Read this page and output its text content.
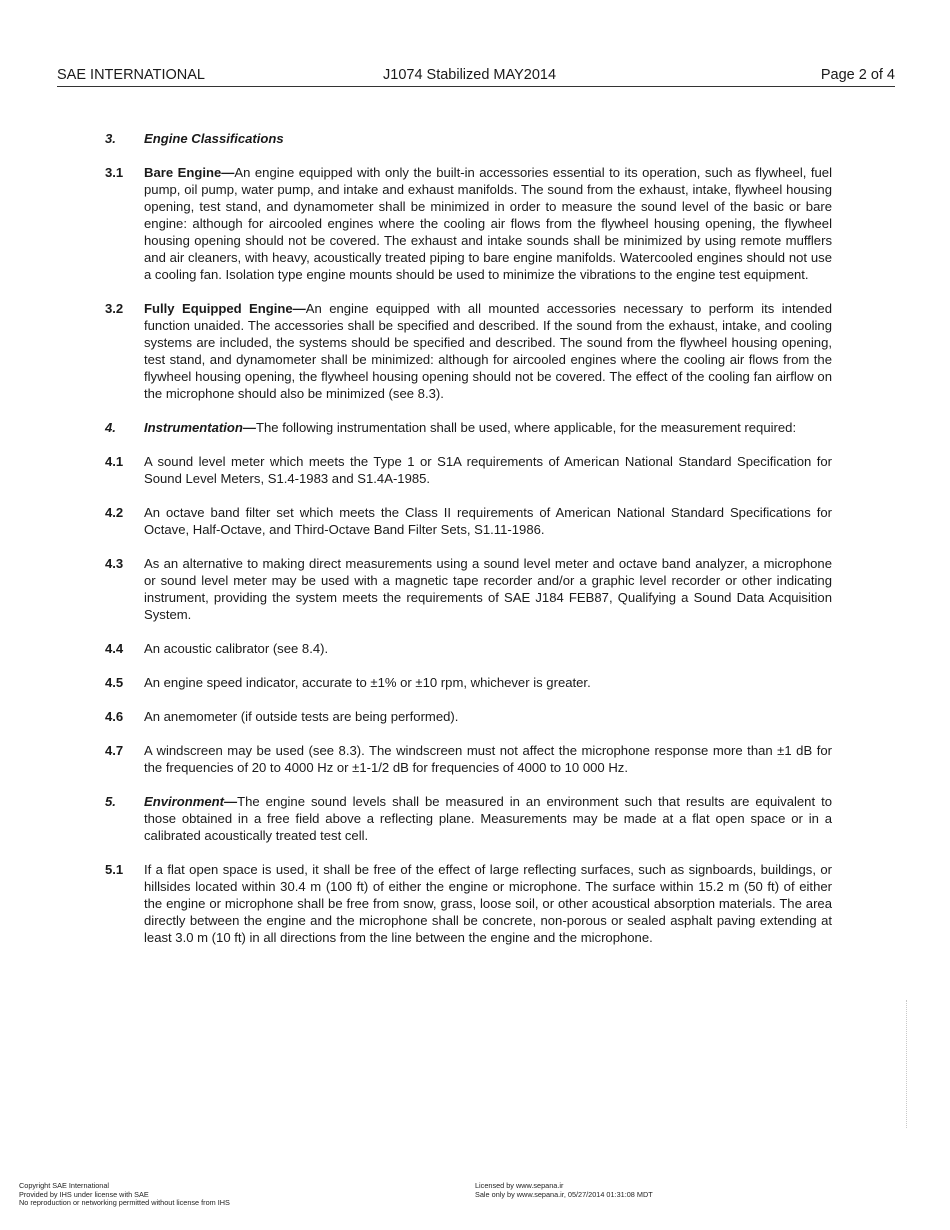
SAE INTERNATIONAL	J1074 Stabilized MAY2014	Page 2 of 4
3.	Engine Classifications
3.1	Bare Engine—An engine equipped with only the built-in accessories essential to its operation, such as flywheel, fuel pump, oil pump, water pump, and intake and exhaust manifolds. The sound from the exhaust, intake, flywheel housing opening, test stand, and dynamometer shall be minimized in order to measure the sound level of the basic or bare engine: although for aircooled engines where the cooling air flows from the flywheel housing opening, the flywheel housing opening should not be covered. The exhaust and intake sounds shall be minimized by using remote mufflers and air cleaners, with heavy, acoustically treated piping to bare engine manifolds. Watercooled engines should not use a cooling fan. Isolation type engine mounts should be used to minimize the vibrations to the engine test equipment.
3.2	Fully Equipped Engine—An engine equipped with all mounted accessories necessary to perform its intended function unaided. The accessories shall be specified and described. If the sound from the exhaust, intake, and cooling systems are included, the systems should be specified and described. The sound from the flywheel housing opening, test stand, and dynamometer shall be minimized: although for aircooled engines where the cooling air flows from the flywheel housing opening, the flywheel housing opening should not be covered. The effect of the cooling fan airflow on the microphone should also be minimized (see 8.3).
4.	Instrumentation—The following instrumentation shall be used, where applicable, for the measurement required:
4.1	A sound level meter which meets the Type 1 or S1A requirements of American National Standard Specification for Sound Level Meters, S1.4-1983 and S1.4A-1985.
4.2	An octave band filter set which meets the Class II requirements of American National Standard Specifications for Octave, Half-Octave, and Third-Octave Band Filter Sets, S1.11-1986.
4.3	As an alternative to making direct measurements using a sound level meter and octave band analyzer, a microphone or sound level meter may be used with a magnetic tape recorder and/or a graphic level recorder or other indicating instrument, providing the system meets the requirements of SAE J184 FEB87, Qualifying a Sound Data Acquisition System.
4.4	An acoustic calibrator (see 8.4).
4.5	An engine speed indicator, accurate to ±1% or ±10 rpm, whichever is greater.
4.6	An anemometer (if outside tests are being performed).
4.7	A windscreen may be used (see 8.3). The windscreen must not affect the microphone response more than ±1 dB for the frequencies of 20 to 4000 Hz or ±1-1/2 dB for frequencies of 4000 to 10 000 Hz.
5.	Environment—The engine sound levels shall be measured in an environment such that results are equivalent to those obtained in a free field above a reflecting plane. Measurements may be made at a flat open space or in a calibrated acoustically treated test cell.
5.1	If a flat open space is used, it shall be free of the effect of large reflecting surfaces, such as signboards, buildings, or hillsides located within 30.4 m (100 ft) of either the engine or microphone. The surface within 15.2 m (50 ft) of either the engine or microphone shall be free from snow, grass, loose soil, or other acoustical absorption materials. The area directly between the engine and the microphone shall be concrete, non-porous or sealed asphalt paving extending at least 3.0 m (10 ft) in all directions from the line between the engine and the microphone.
Copyright SAE International
Provided by IHS under license with SAE
No reproduction or networking permitted without license from IHS
Licensed by www.sepana.ir
Sale only by www.sepana.ir, 05/27/2014 01:31:08 MDT
